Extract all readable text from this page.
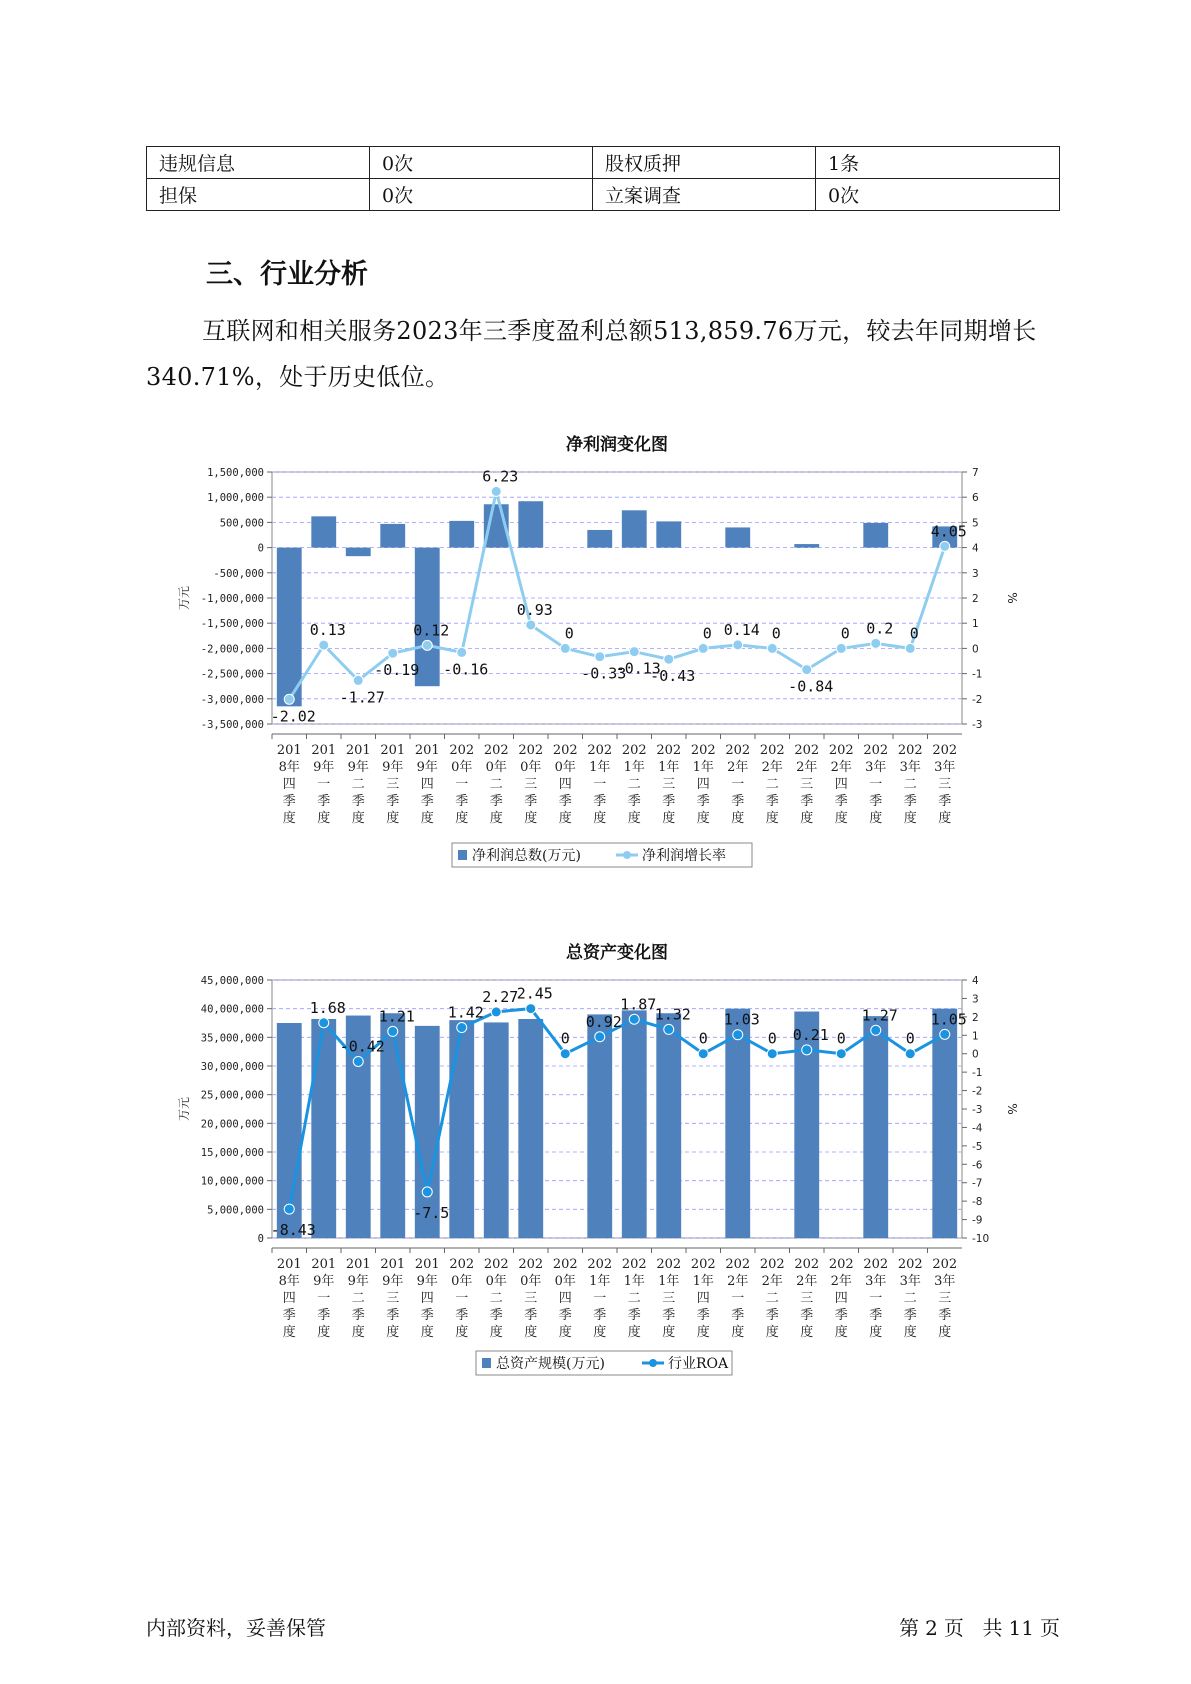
违规信息	0次	股权质押	1条
担保	0次	立案调查	0次
三、行业分析

互联网和相关服务2023年三季度盈利总额513,859.76万元，较去年同期增长340.71%，处于历史低位。

净利润变化图
1,500,000
1,000,000
500,000
0
-500,000
-1,000,000
-1,500,000
-2,000,000
-2,500,000
-3,000,000
-3,500,000
7
6
5
4
3
2
1
0
-1
-2
-3
万元	%
201 8年四季度
201 9年一季度
201 9年二季度
201 9年三季度
201 9年四季度
202 0年一季度
202 0年二季度
202 0年三季度
202 0年四季度
202 1年一季度
202 1年二季度
202 1年三季度
202 1年四季度
202 2年一季度
202 2年二季度
202 2年三季度
202 2年四季度
202 3年一季度
202 3年二季度
202 3年三季度
-2.02
0.13
-1.27
-0.19
0.12
-0.16
6.23
0.93
0
-0.33
-0.13
-0.43
0 0.14 0
-0.84
0 0.2 0
4.05
净利润总数(万元)	净利润增长率
总资产变化图
45,000,000
40,000,000
35,000,000
30,000,000
25,000,000
20,000,000
15,000,000
10,000,000
5,000,000
0
4
3
2
1
0
-1
-2
-3
-4
-5
-6
-7
-8
-9
-10
万元	%
201 8年四季度
201 9年一季度
201 9年二季度
201 9年三季度
201 9年四季度
202 0年一季度
202 0年二季度
202 0年三季度
202 0年四季度
202 1年一季度
202 1年二季度
202 1年三季度
202 1年四季度
202 2年一季度
202 2年二季度
202 2年三季度
202 2年四季度
202 3年一季度
202 3年二季度
202 3年三季度
-8.43
1.68
-0.42
1.21
-7.5
1.42
2.27
2.45
0
0.92
1.87
1.32
0
1.03
0 0.21 0
1.27
0
1.05
总资产规模(万元)	行业ROA
内部资料，妥善保管	第 2 页 共 11 页
